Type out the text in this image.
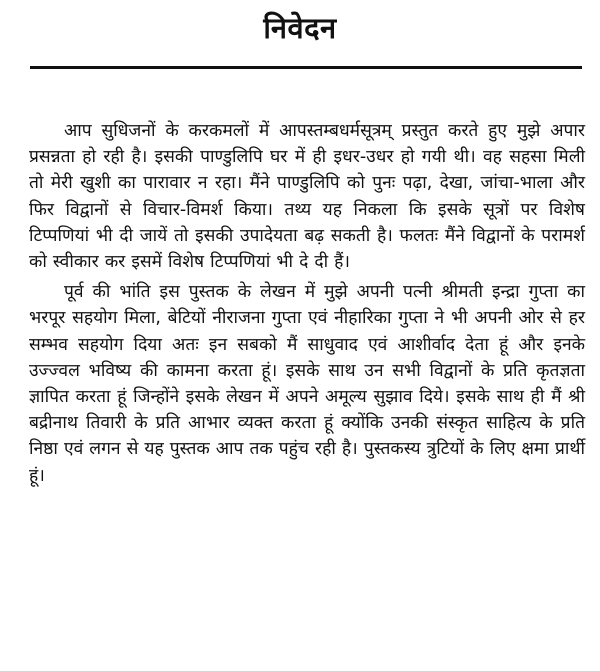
निवेदन

आप सुधिजनों के करकमलों में आपस्तम्बधर्मसूत्रम् प्रस्तुत करते हुए मुझे अपार प्रसन्नता हो रही है। इसकी पाण्डुलिपि घर में ही इधर-उधर हो गयी थी। वह सहसा मिली तो मेरी खुशी का पारावार न रहा। मैंने पाण्डुलिपि को पुनः पढ़ा, देखा, जांचा-भाला और फिर विद्वानों से विचार-विमर्श किया। तथ्य यह निकला कि इसके सूत्रों पर विशेष टिप्पणियां भी दी जायें तो इसकी उपादेयता बढ़ सकती है। फलतः मैंने विद्वानों के परामर्श को स्वीकार कर इसमें विशेष टिप्पणियां भी दे दी हैं।

पूर्व की भांति इस पुस्तक के लेखन में मुझे अपनी पत्नी श्रीमती इन्द्रा गुप्ता का भरपूर सहयोग मिला, बेटियों नीराजना गुप्ता एवं नीहारिका गुप्ता ने भी अपनी ओर से हर सम्भव सहयोग दिया अतः इन सबको मैं साधुवाद एवं आशीर्वाद देता हूं और इनके उज्ज्वल भविष्य की कामना करता हूं। इसके साथ उन सभी विद्वानों के प्रति कृतज्ञता ज्ञापित करता हूं जिन्होंने इसके लेखन में अपने अमूल्य सुझाव दिये। इसके साथ ही मैं श्री बद्रीनाथ तिवारी के प्रति आभार व्यक्त करता हूं क्योंकि उनकी संस्कृत साहित्य के प्रति निष्ठा एवं लगन से यह पुस्तक आप तक पहुंच रही है। पुस्तकस्य त्रुटियों के लिए क्षमा प्रार्थी हूं।
